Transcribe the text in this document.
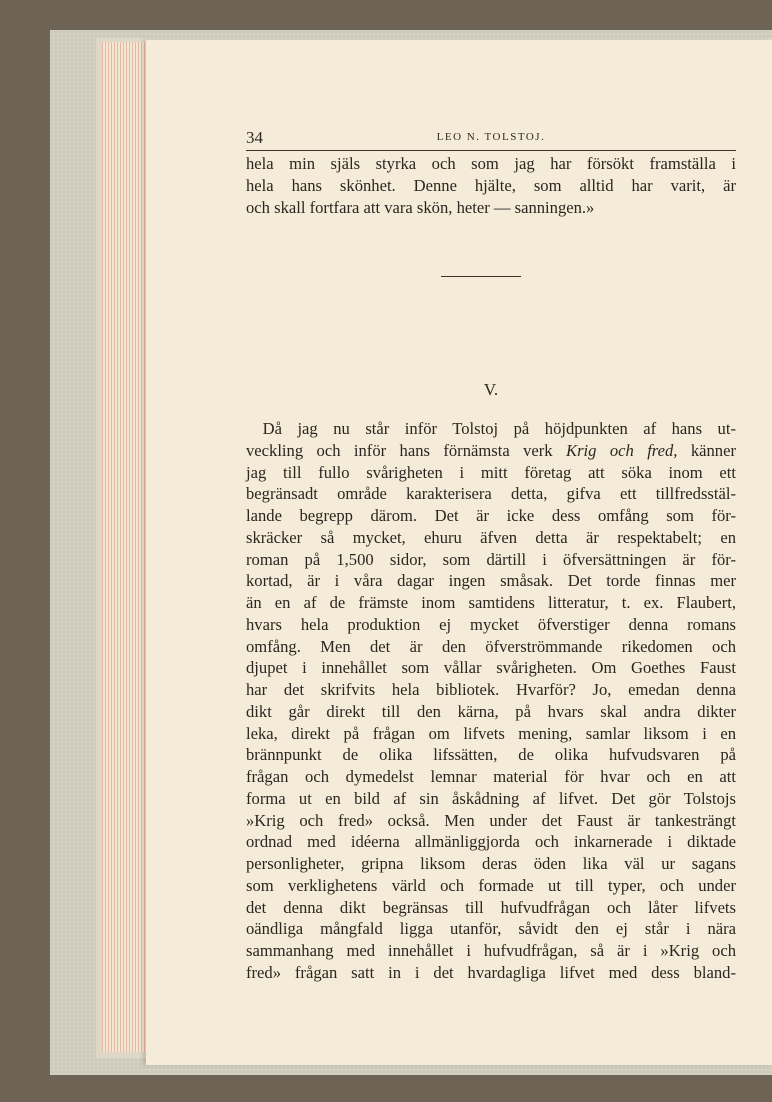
34	LEO N. TOLSTOJ.
hela min själs styrka och som jag har försökt framställa i
hela hans skönhet. Denne hjälte, som alltid har varit, är
och skall fortfara att vara skön, heter — sanningen.»
V.
 Då jag nu står inför Tolstoj på höjdpunkten af hans ut-
veckling och inför hans förnämsta verk Krig och fred, känner
jag till fullo svårigheten i mitt företag att söka inom ett
begränsadt område karakterisera detta, gifva ett tillfredsstäl-
lande begrepp därom. Det är icke dess omfång som för-
skräcker så mycket, ehuru äfven detta är respektabelt; en
roman på 1,500 sidor, som därtill i öfversättningen är för-
kortad, är i våra dagar ingen småsak. Det torde finnas mer
än en af de främste inom samtidens litteratur, t. ex. Flaubert,
hvars hela produktion ej mycket öfverstiger denna romans
omfång. Men det är den öfverströmmande rikedomen och
djupet i innehållet som vållar svårigheten. Om Goethes Faust
har det skrifvits hela bibliotek. Hvarför? Jo, emedan denna
dikt går direkt till den kärna, på hvars skal andra dikter
leka, direkt på frågan om lifvets mening, samlar liksom i en
brännpunkt de olika lifssätten, de olika hufvudsvaren på
frågan och dymedelst lemnar material för hvar och en att
forma ut en bild af sin åskådning af lifvet. Det gör Tolstojs
»Krig och fred» också. Men under det Faust är tankesträngt
ordnad med idéerna allmänliggjorda och inkarnerade i diktade
personligheter, gripna liksom deras öden lika väl ur sagans
som verklighetens värld och formade ut till typer, och under
det denna dikt begränsas till hufvudfrågan och låter lifvets
oändliga mångfald ligga utanför, såvidt den ej står i nära
sammanhang med innehållet i hufvudfrågan, så är i »Krig och
fred» frågan satt in i det hvardagliga lifvet med dess bland-
